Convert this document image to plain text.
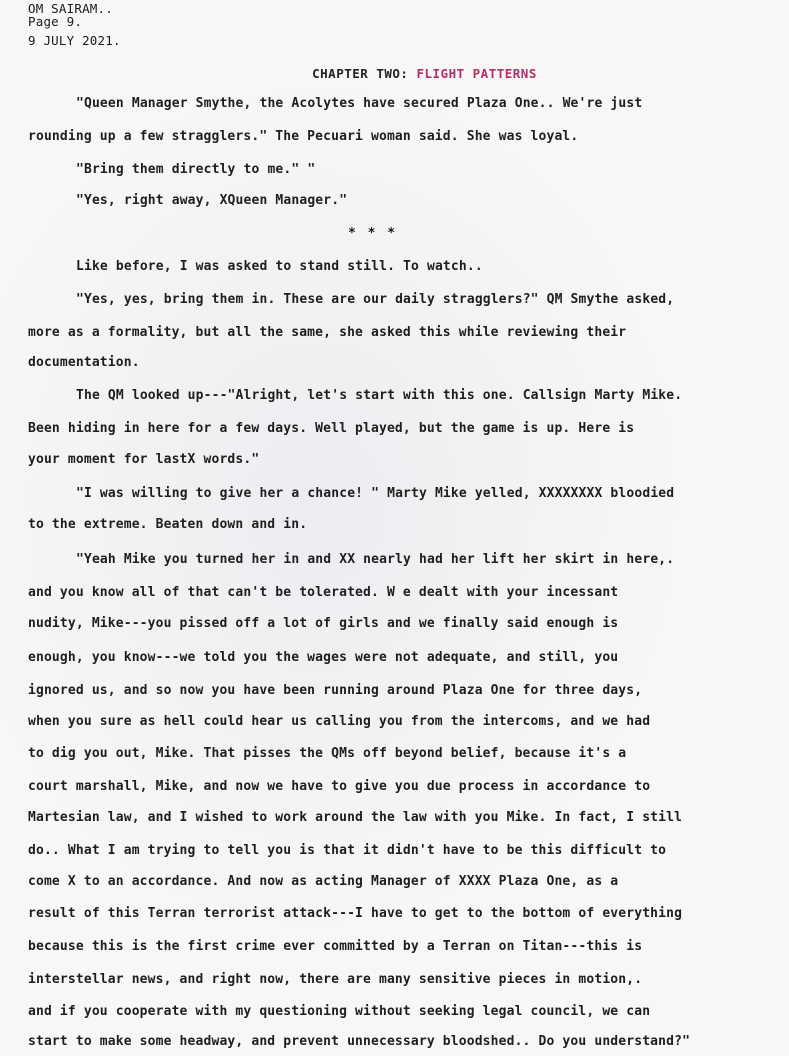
OM SAIRAM..
Page 9.
9 JULY 2021.
CHAPTER TWO: FLIGHT PATTERNS
"Queen Manager Smythe, the Acolytes have secured Plaza One.. We're just
rounding up a few stragglers." The Pecuari woman said. She was loyal.
"Bring them directly to me." "
"Yes, right away, XQueen Manager."
* * *
Like before, I was asked to stand still. To watch..
"Yes, yes, bring them in. These are our daily stragglers?" QM Smythe asked,
more as a formality, but all the same, she asked this while reviewing their
documentation.
The QM looked up---"Alright, let's start with this one. Callsign Marty Mike.
Been hiding in here for a few days. Well played, but the game is up. Here is
your moment for lastX words."
"I was willing to give her a chance! " Marty Mike yelled, XXXXXXXX bloodied
to the extreme. Beaten down and in.
"Yeah Mike you turned her in and XX nearly had her lift her skirt in here,.
and you know all of that can't be tolerated. W e dealt with your incessant
nudity, Mike---you pissed off a lot of girls and we finally said enough is
enough, you know---we told you the wages were not adequate, and still, you
ignored us, and so now you have been running around Plaza One for three days,
when you sure as hell could hear us calling you from the intercoms, and we had
to dig you out, Mike. That pisses the QMs off beyond belief, because it's a
court marshall, Mike, and now we have to give you due process in accordance to
Martesian law, and I wished to work around the law with you Mike. In fact, I still
do.. What I am trying to tell you is that it didn't have to be this difficult to
come X to an accordance. And now as acting Manager of XXXX Plaza One, as a
result of this Terran terrorist attack---I have to get to the bottom of everything
because this is the first crime ever committed by a Terran on Titan---this is
interstellar news, and right now, there are many sensitive pieces in motion,.
and if you cooperate with my questioning without seeking legal council, we can
start to make some headway, and prevent unnecessary bloodshed.. Do you understand?"
